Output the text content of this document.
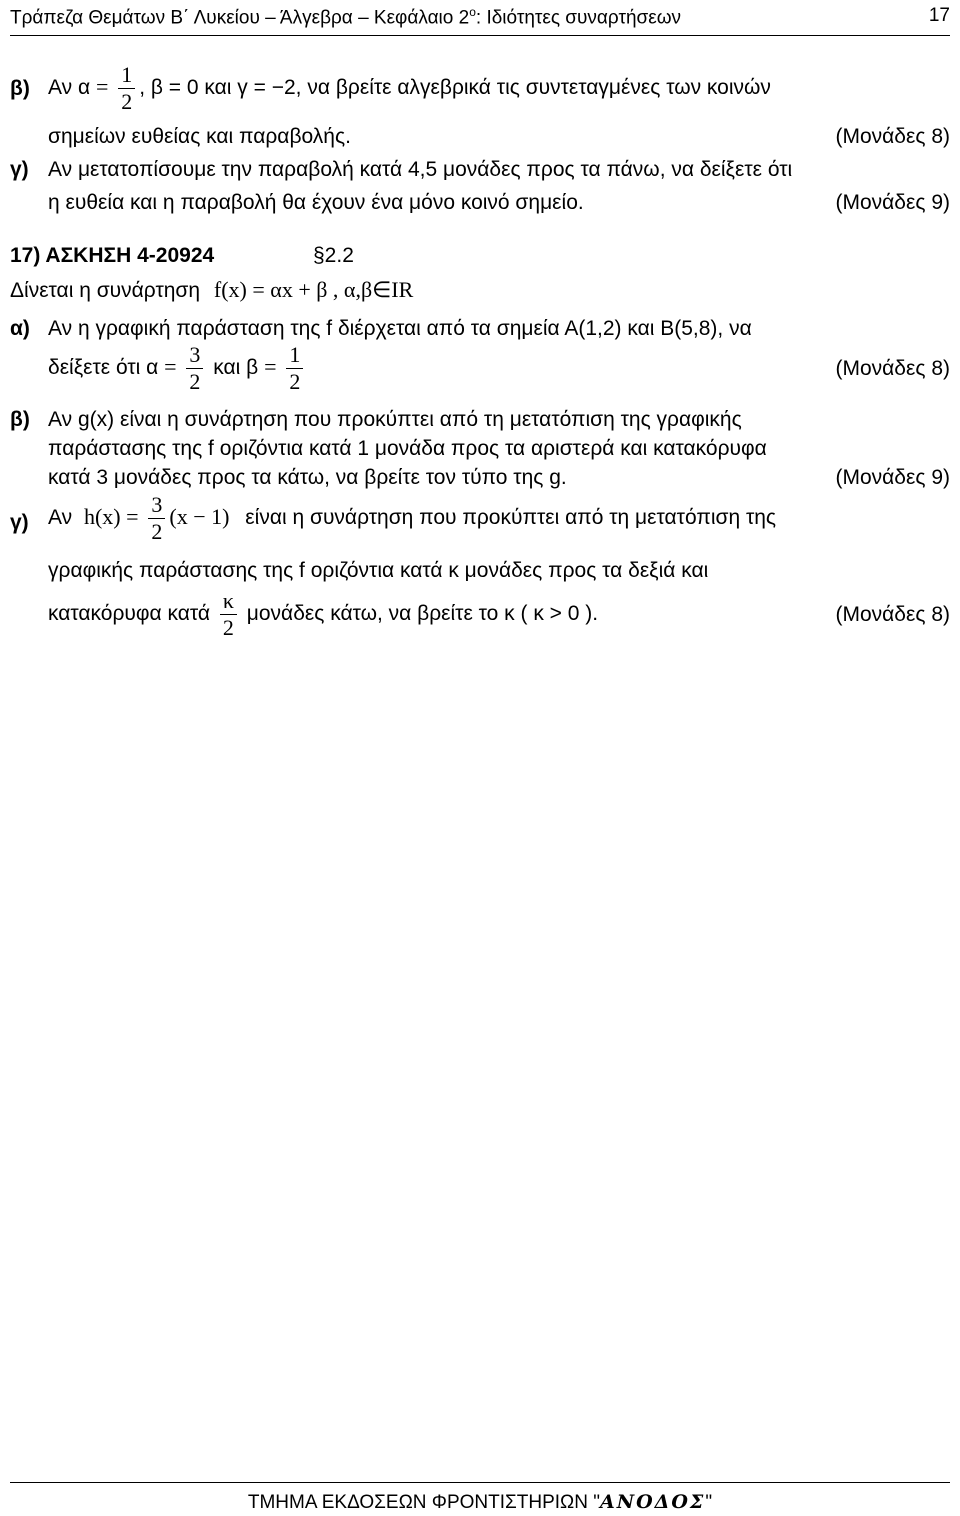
Τράπεζα Θεμάτων Β΄ Λυκείου – Άλγεβρα – Κεφάλαιο $2^o$: Ιδιότητες συναρτήσεων	17
β) Αν $\alpha = \frac{1}{2}$ , β = 0 και γ = −2, να βρείτε αλγεβρικά τις συντεταγμένες των κοινών
σημείων ευθείας και παραβολής.	(Μονάδες 8)
γ) Αν μετατοπίσουμε την παραβολή κατά 4,5 μονάδες προς τα πάνω, να δείξετε ότι
η ευθεία και η παραβολή θα έχουν ένα μόνο κοινό σημείο.	(Μονάδες 9)
17) ΑΣΚΗΣΗ 4-20924	§2.2
Δίνεται η συνάρτηση f(x) = αx + β , α,β∈IR
α) Αν η γραφική παράσταση της f διέρχεται από τα σημεία Α(1,2) και Β(5,8), να
δείξετε ότι $\alpha = \frac{3}{2}$ και $\beta = \frac{1}{2}$	(Μονάδες 8)
β) Αν g(x) είναι η συνάρτηση που προκύπτει από τη μετατόπιση της γραφικής
παράστασης της f οριζόντια κατά 1 μονάδα προς τα αριστερά και κατακόρυφα
κατά 3 μονάδες προς τα κάτω, να βρείτε τον τύπο της g.	(Μονάδες 9)
γ) Αν $h(x) = \frac{3}{2} (x - 1)$ είναι η συνάρτηση που προκύπτει από τη μετατόπιση της
γραφικής παράστασης της f οριζόντια κατά κ μονάδες προς τα δεξιά και
κατακόρυφα κατά $\frac{\kappa}{2}$ μονάδες κάτω, να βρείτε το κ ( κ > 0 ).	(Μονάδες 8)
ΤΜΗΜΑ ΕΚΔΟΣΕΩΝ ΦΡΟΝΤΙΣΤΗΡΙΩΝ "ΑΝΟΔΟΣ"
